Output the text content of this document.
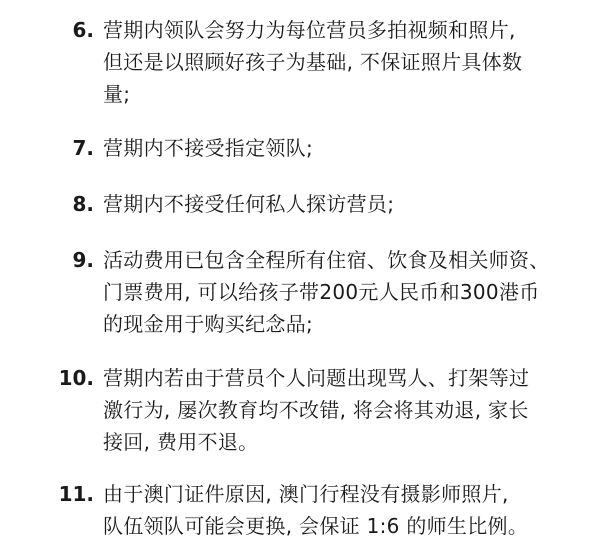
6. 营期内领队会努力为每位营员多拍视频和照片,
但还是以照顾好孩子为基础, 不保证照片具体数
量;
7. 营期内不接受指定领队;
8. 营期内不接受任何私人探访营员;
9. 活动费用已包含全程所有住宿、饮食及相关师资、
门票费用, 可以给孩子带200元人民币和300港币
的现金用于购买纪念品;
10. 营期内若由于营员个人问题出现骂人、打架等过
激行为, 屡次教育均不改错, 将会将其劝退, 家长
接回, 费用不退。
11. 由于澳门证件原因, 澳门行程没有摄影师照片,
队伍领队可能会更换, 会保证 1:6 的师生比例。
